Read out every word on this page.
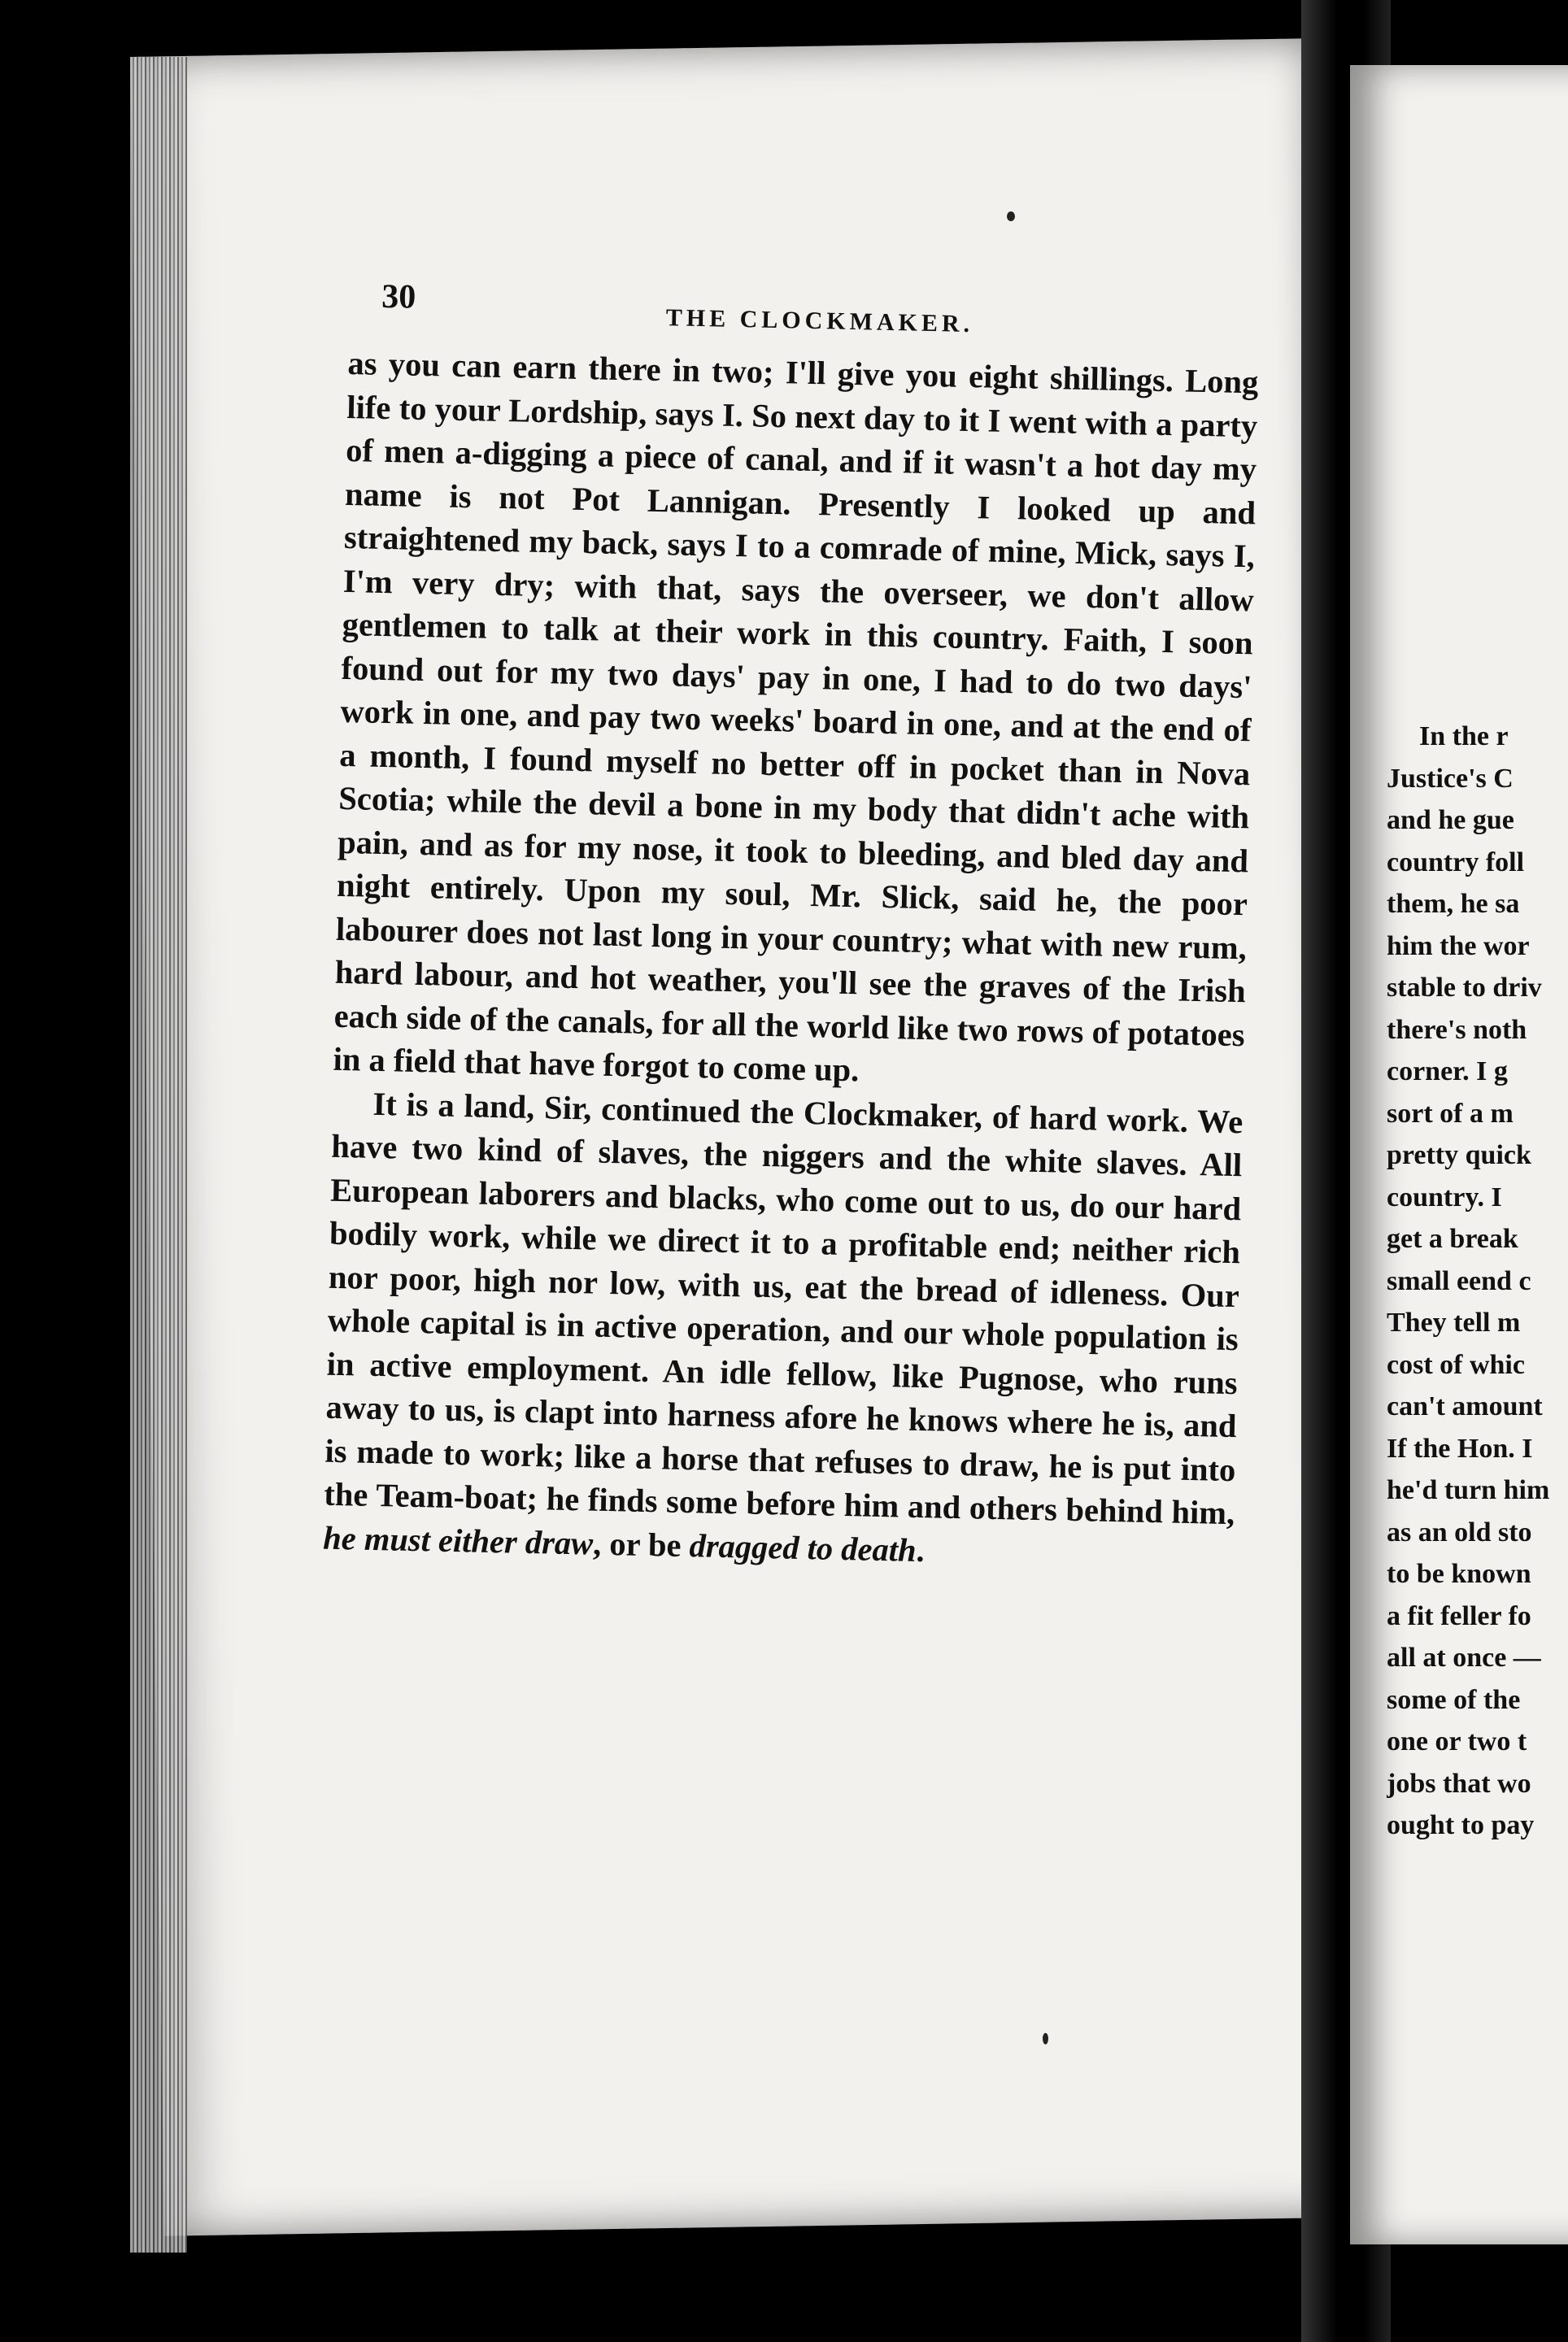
30
THE CLOCKMAKER.

as you can earn there in two; I'll give you eight shillings. Long life to your Lordship, says I. So next day to it I went with a party of men a-digging a piece of canal, and if it wasn't a hot day my name is not Pot Lannigan. Presently I looked up and straightened my back, says I to a comrade of mine, Mick, says I, I'm very dry; with that, says the overseer, we don't allow gentlemen to talk at their work in this country. Faith, I soon found out for my two days' pay in one, I had to do two days' work in one, and pay two weeks' board in one, and at the end of a month, I found myself no better off in pocket than in Nova Scotia; while the devil a bone in my body that didn't ache with pain, and as for my nose, it took to bleeding, and bled day and night entirely. Upon my soul, Mr. Slick, said he, the poor labourer does not last long in your country; what with new rum, hard labour, and hot weather, you'll see the graves of the Irish each side of the canals, for all the world like two rows of potatoes in a field that have forgot to come up.

It is a land, Sir, continued the Clockmaker, of hard work. We have two kind of slaves, the niggers and the white slaves. All European laborers and blacks, who come out to us, do our hard bodily work, while we direct it to a profitable end; neither rich nor poor, high nor low, with us, eat the bread of idleness. Our whole capital is in active operation, and our whole population is in active employment. An idle fellow, like Pugnose, who runs away to us, is clapt into harness afore he knows where he is, and is made to work; like a horse that refuses to draw, he is put into the Team-boat; he finds some before him and others behind him, he must either draw, or be dragged to death.

In the r
Justice's C
and he gue
country foll
them, he sa
him the wor
stable to driv
there's noth
corner. I g
sort of a m
pretty quick
country. I
get a break
small eend c
They tell m
cost of whic
can't amount
If the Hon. I
he'd turn him
as an old sto
to be known
a fit feller fo
all at once —
some of the
one or two t
jobs that wo
ought to pay
